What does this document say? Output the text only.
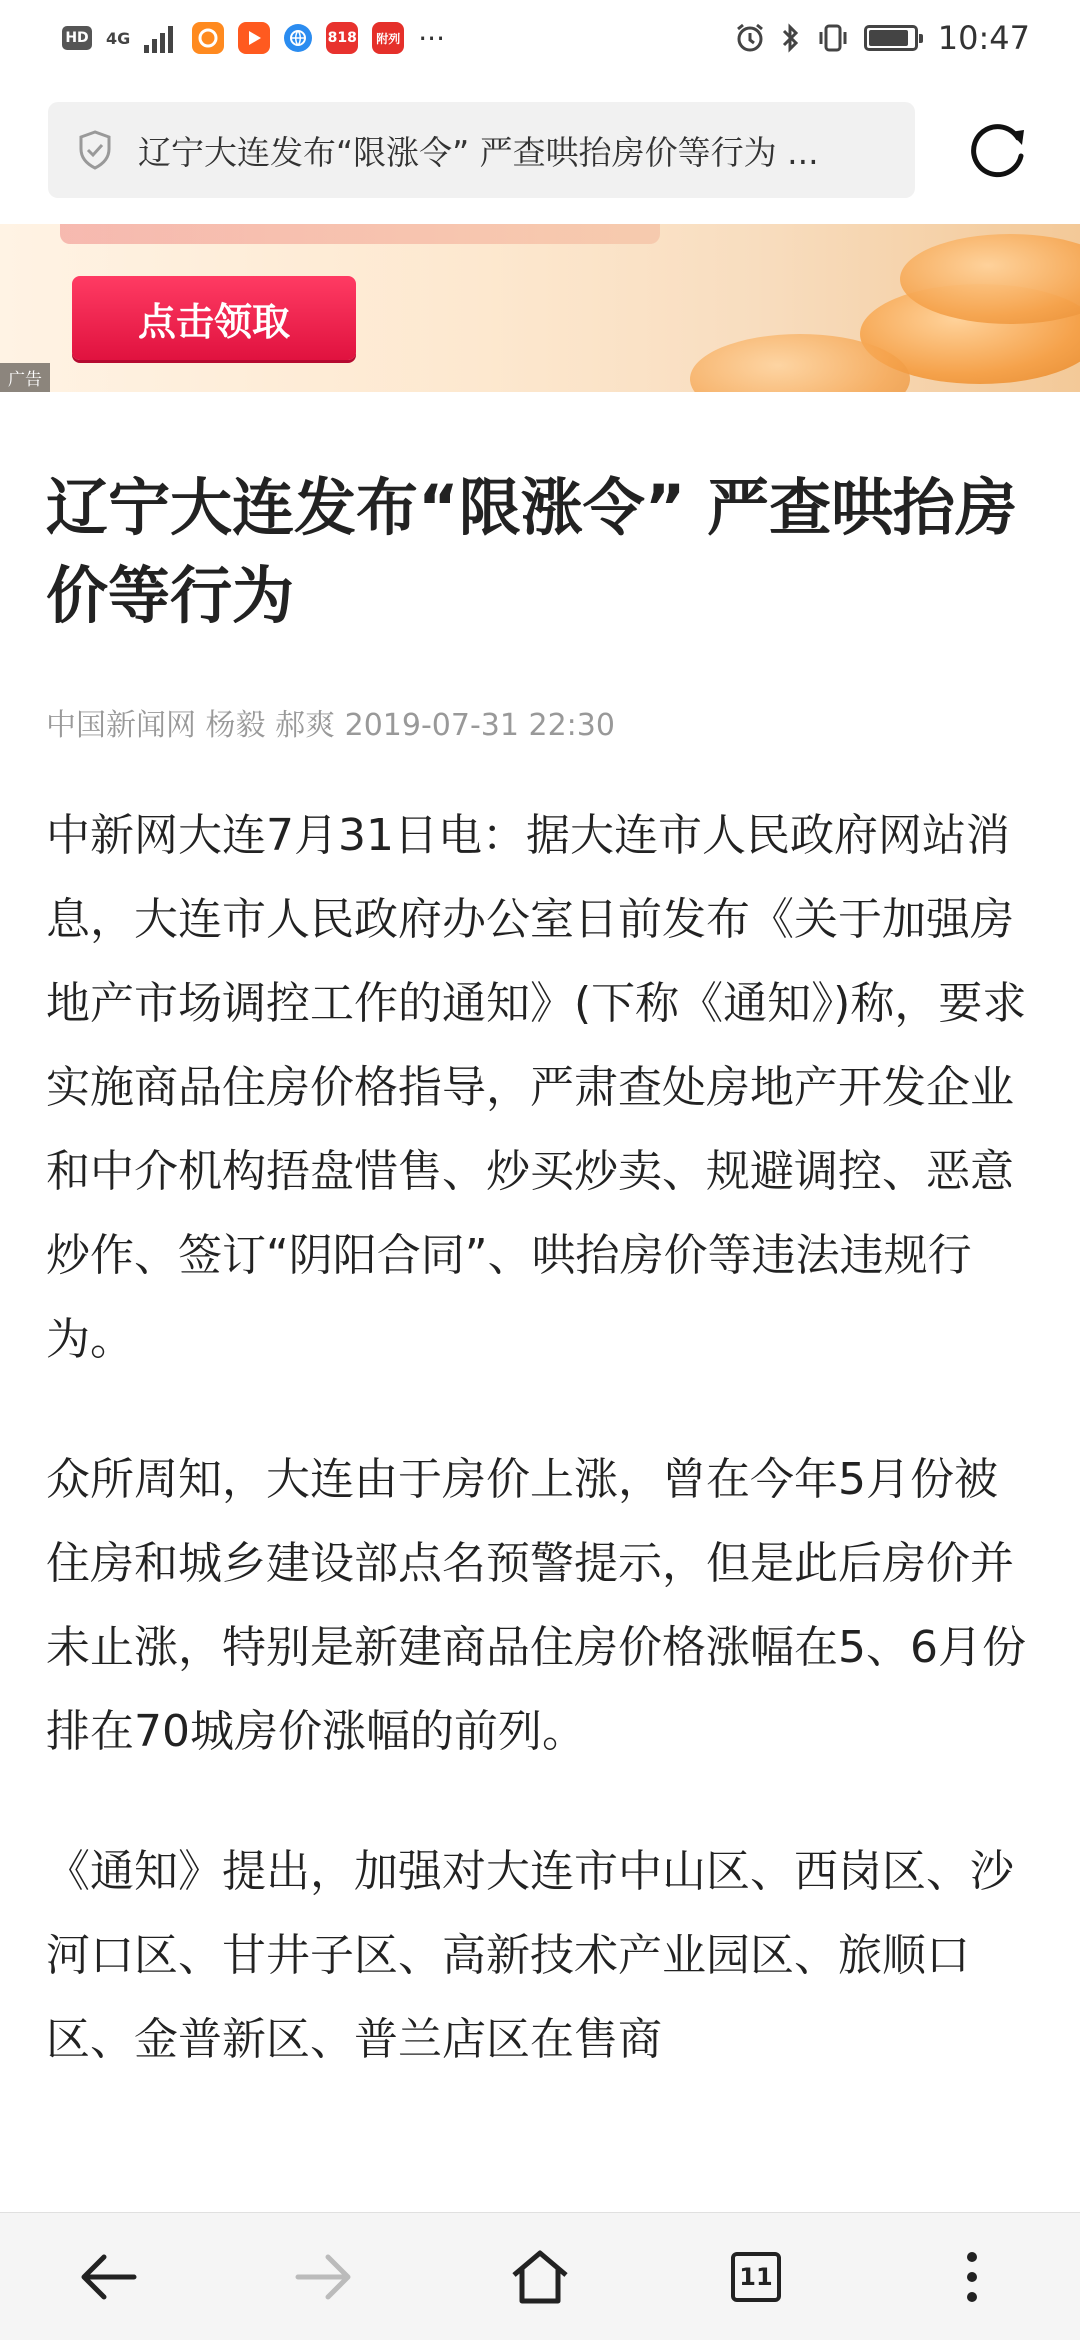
HD 4G	818	附列 ···	10:47
辽宁大连发布“限涨令” 严查哄抬房价等行为 ...
点击领取
广告
辽宁大连发布“限涨令” 严查哄抬房价等行为
中国新闻网 杨毅 郝爽 2019-07-31 22:30

中新网大连7月31日电：据大连市人民政府网站消息，大连市人民政府办公室日前发布《关于加强房地产市场调控工作的通知》(下称《通知》)称，要求实施商品住房价格指导，严肃查处房地产开发企业和中介机构捂盘惜售、炒买炒卖、规避调控、恶意炒作、签订“阴阳合同”、哄抬房价等违法违规行为。

众所周知，大连由于房价上涨，曾在今年5月份被住房和城乡建设部点名预警提示，但是此后房价并未止涨，特别是新建商品住房价格涨幅在5、6月份排在70城房价涨幅的前列。

《通知》提出，加强对大连市中山区、西岗区、沙河口区、甘井子区、高新技术产业园区、旅顺口区、金普新区、普兰店区在售商

11
